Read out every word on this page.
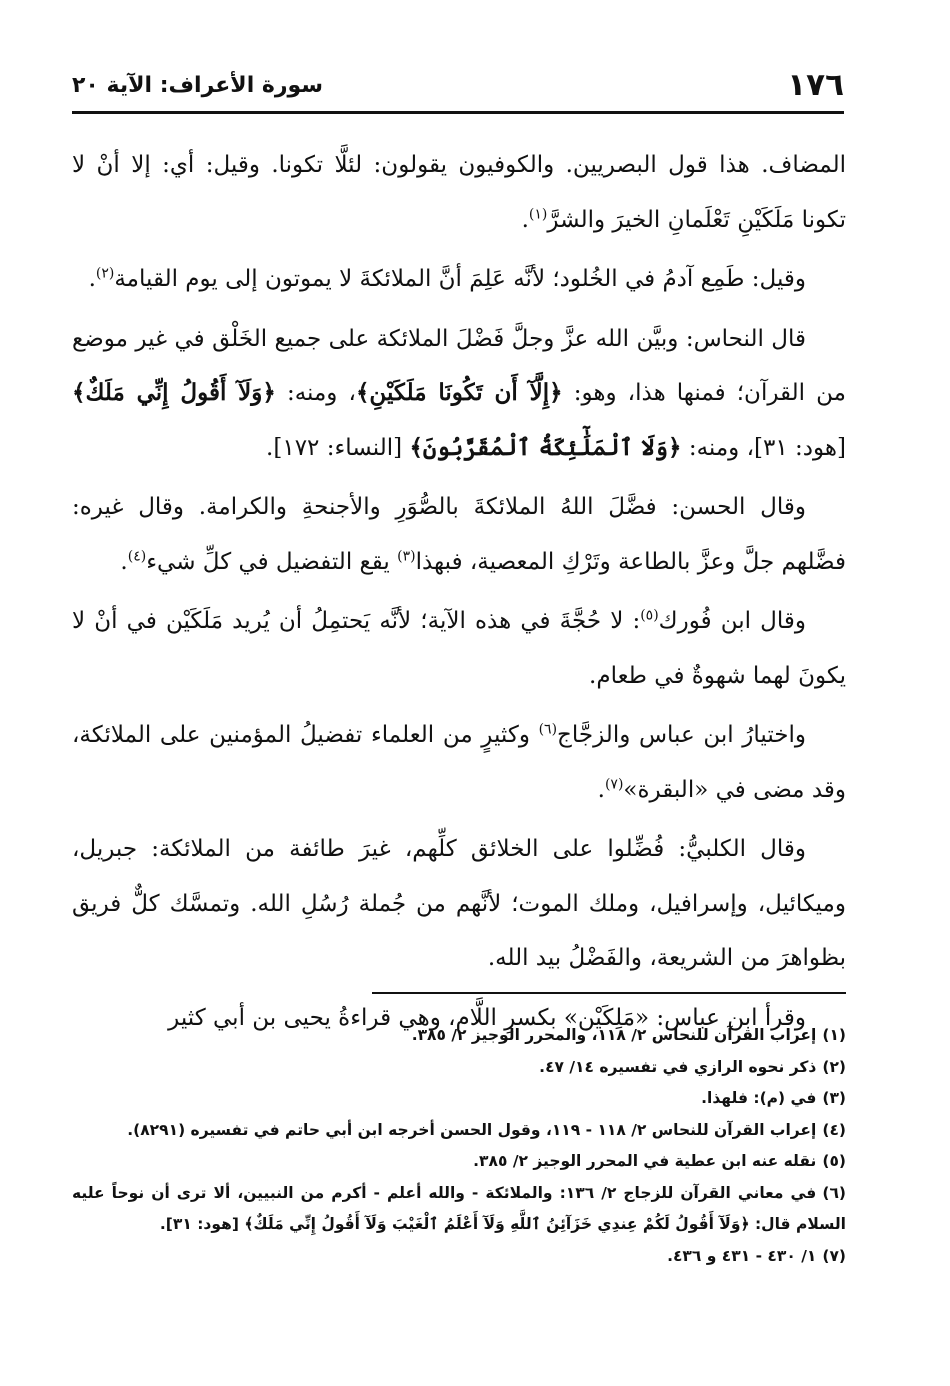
١٧٦
سورة الأعراف: الآية ٢٠

المضاف. هذا قول البصريين. والكوفيون يقولون: لئلَّا تكونا. وقيل: أي: إلا أنْ لا تكونا مَلَكَيْنِ تَعْلَمانِ الخيرَ والشرَّ$^{(١)}$.

وقيل: طَمِع آدمُ في الخُلود؛ لأنَّه عَلِمَ أنَّ الملائكةَ لا يموتون إلى يوم القيامة$^{(٢)}$.

قال النحاس: وبيَّن الله عزَّ وجلَّ فَضْلَ الملائكة على جميع الخَلْق في غير موضع من القرآن؛ فمنها هذا، وهو: ﴿إِلَّآ أَن تَكُونَا مَلَكَيْنِ﴾، ومنه: ﴿وَلَآ أَقُولُ إِنِّي مَلَكٌ﴾ [هود: ٣١]، ومنه: ﴿وَلَا ٱلْمَلَٰٓئِكَةُ ٱلْمُقَرَّبُونَ﴾ [النساء: ١٧٢].

وقال الحسن: فضَّلَ اللهُ الملائكةَ بالصُّوَرِ والأجنحةِ والكرامة. وقال غيره: فضَّلهم جلَّ وعزَّ بالطاعة وتَرْكِ المعصية، فبهذا$^{(٣)}$ يقع التفضيل في كلِّ شيء$^{(٤)}$.

وقال ابن فُورك$^{(٥)}$: لا حُجَّةَ في هذه الآية؛ لأنَّه يَحتمِلُ أن يُريد مَلَكَيْن في أنْ لا يكونَ لهما شهوةٌ في طعام.

واختيارُ ابن عباس والزجَّاج$^{(٦)}$ وكثيرٍ من العلماء تفضيلُ المؤمنين على الملائكة، وقد مضى في «البقرة»$^{(٧)}$.

وقال الكلبيُّ: فُضِّلوا على الخلائق كلِّهم، غيرَ طائفة من الملائكة: جبريل، وميكائيل، وإسرافيل، وملك الموت؛ لأنَّهم من جُملة رُسُلِ الله. وتمسَّك كلٌّ فريق بظواهرَ من الشريعة، والفَضْلُ بيد الله.

وقرأ ابن عباس: «مَلِكَيْن» بكسرِ اللَّام، وهي قراءةُ يحيى بن أبي كثير

(١)إعراب القرآن للنحاس ٢/ ١١٨، والمحرر الوجيز ٢/ ٣٨٥.

(٢)ذكر نحوه الرازي في تفسيره ١٤/ ٤٧.

(٣)في (م): فلهذا.

(٤)إعراب القرآن للنحاس ٢/ ١١٨ - ١١٩، وقول الحسن أخرجه ابن أبي حاتم في تفسيره (٨٢٩١).

(٥)نقله عنه ابن عطية في المحرر الوجيز ٢/ ٣٨٥.

(٦)في معاني القرآن للزجاج ٢/ ١٣٦: والملائكة - والله أعلم - أكرم من النبيين، ألا ترى أن نوحاً عليه السلام قال: ﴿وَلَآ أَقُولُ لَكُمْ عِندِي خَزَآئِنُ ٱللَّهِ وَلَآ أَعْلَمُ ٱلْغَيْبَ وَلَآ أَقُولُ إِنِّي مَلَكٌ﴾ [هود: ٣١].

(٧)١/ ٤٣٠ - ٤٣١ و ٤٣٦.
